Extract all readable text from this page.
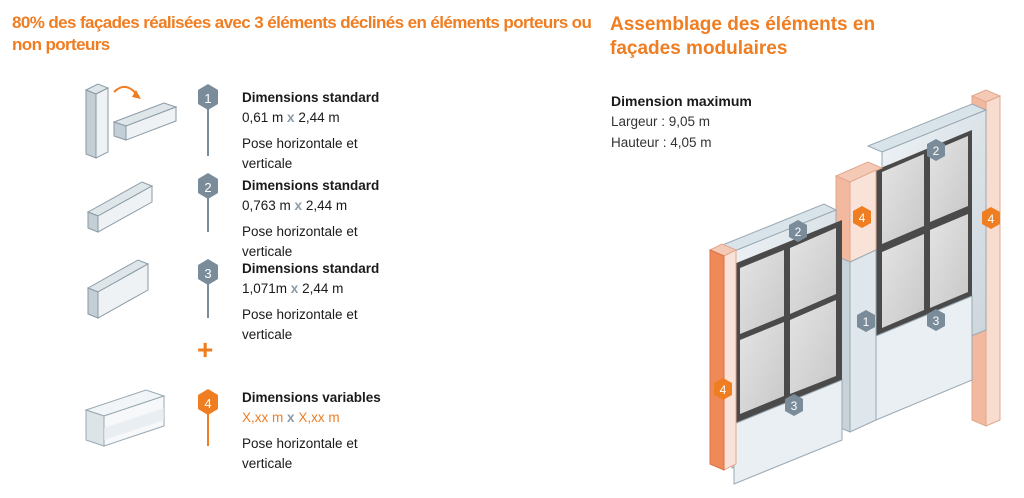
80% des façades réalisées avec 3 éléments déclinés en éléments porteurs ou non porteurs
Assemblage des éléments en façades modulaires
Dimension maximum
Largeur : 9,05 m
Hauteur : 4,05 m
1
2
3
4
1
2
2
3
3
4	4
4
+
Dimensions standard
0,61 m x 2,44 m
Pose horizontale et verticale
Dimensions standard
0,763 m x 2,44 m
Pose horizontale et verticale
Dimensions standard
1,071m x 2,44 m
Pose horizontale et verticale
Dimensions variables
X,xx m x X,xx m
Pose horizontale et verticale
